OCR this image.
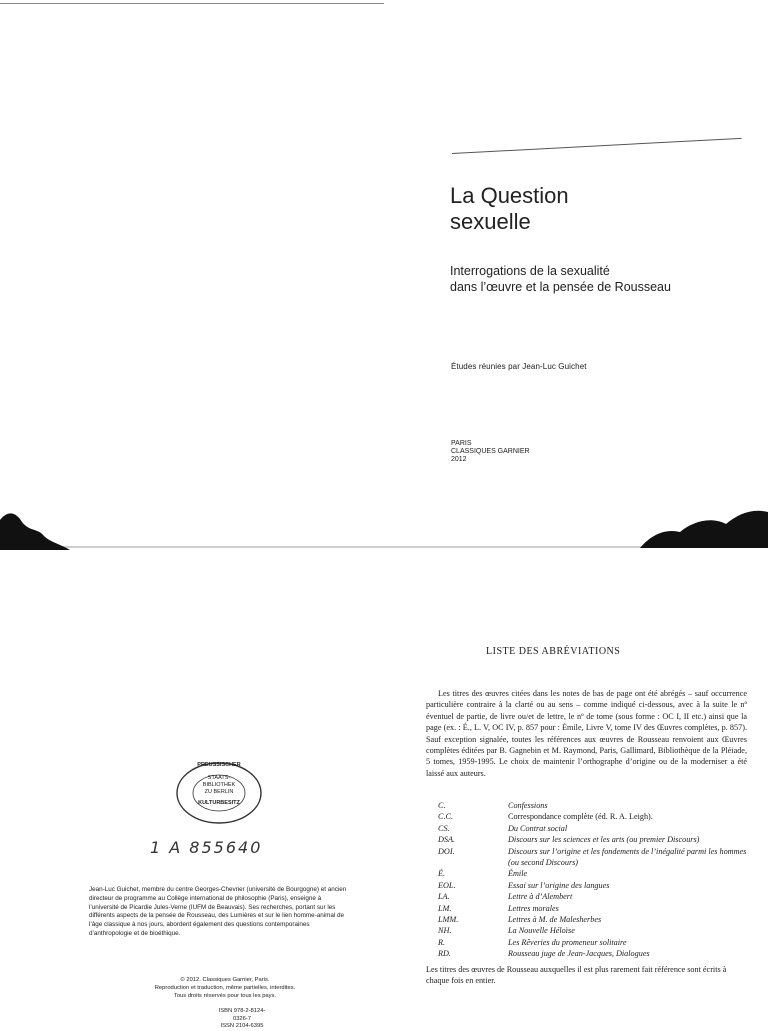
La Question
sexuelle
Interrogations de la sexualité
dans l’œuvre et la pensée de Rousseau
Études réunies par Jean-Luc Guichet
PARIS
CLASSIQUES GARNIER
2012
PREUSSISCHER
STAATS-
BIBLIOTHEK
ZU BERLIN
KULTURBESITZ
1 A 855640
Jean-Luc Guichet, membre du centre Georges-Chevrier (université de Bourgogne) et ancien directeur de programme au Collège international de philosophie (Paris), enseigne à l’université de Picardie Jules-Verne (IUFM de Beauvais). Ses recherches, portant sur les différents aspects de la pensée de Rousseau, des Lumières et sur le lien homme-animal de l’âge classique à nos jours, abordent également des questions contemporaines d’anthropologie et de bioéthique.
© 2012. Classiques Garnier, Paris.
Reproduction et traduction, même partielles, interdites.
Tous droits réservés pour tous les pays.
ISBN 978-2-8124-0326-7
ISSN 2104-6395
LISTE DES ABRÉVIATIONS
Les titres des œuvres citées dans les notes de bas de page ont été abrégés – sauf occurrence particulière contraire à la clarté ou au sens – comme indiqué ci-dessous, avec à la suite le nº éventuel de partie, de livre ou/et de lettre, le nº de tome (sous forme : OC I, II etc.) ainsi que la page (ex. : É., L. V, OC IV, p. 857 pour : Émile, Livre V, tome IV des Œuvres complètes, p. 857). Sauf exception signalée, toutes les références aux œuvres de Rousseau renvoient aux Œuvres complètes éditées par B. Gagnebin et M. Raymond, Paris, Gallimard, Bibliothèque de la Pléiade, 5 tomes, 1959-1995. Le choix de maintenir l’orthographe d’origine ou de la moderniser a été laissé aux auteurs.
C.	Confessions
C.C.	Correspondance complète (éd. R. A. Leigh).
CS.	Du Contrat social
DSA.	Discours sur les sciences et les arts (ou premier Discours)
DOI.	Discours sur l’origine et les fondements de l’inégalité parmi les hommes (ou second Discours)
É.	Émile
EOL.	Essai sur l’origine des langues
LA.	Lettre à d’Alembert
LM.	Lettres morales
LMM.	Lettres à M. de Malesherbes
NH.	La Nouvelle Héloïse
R.	Les Rêveries du promeneur solitaire
RD.	Rousseau juge de Jean-Jacques, Dialogues
Les titres des œuvres de Rousseau auxquelles il est plus rarement fait référence sont écrits à chaque fois en entier.
